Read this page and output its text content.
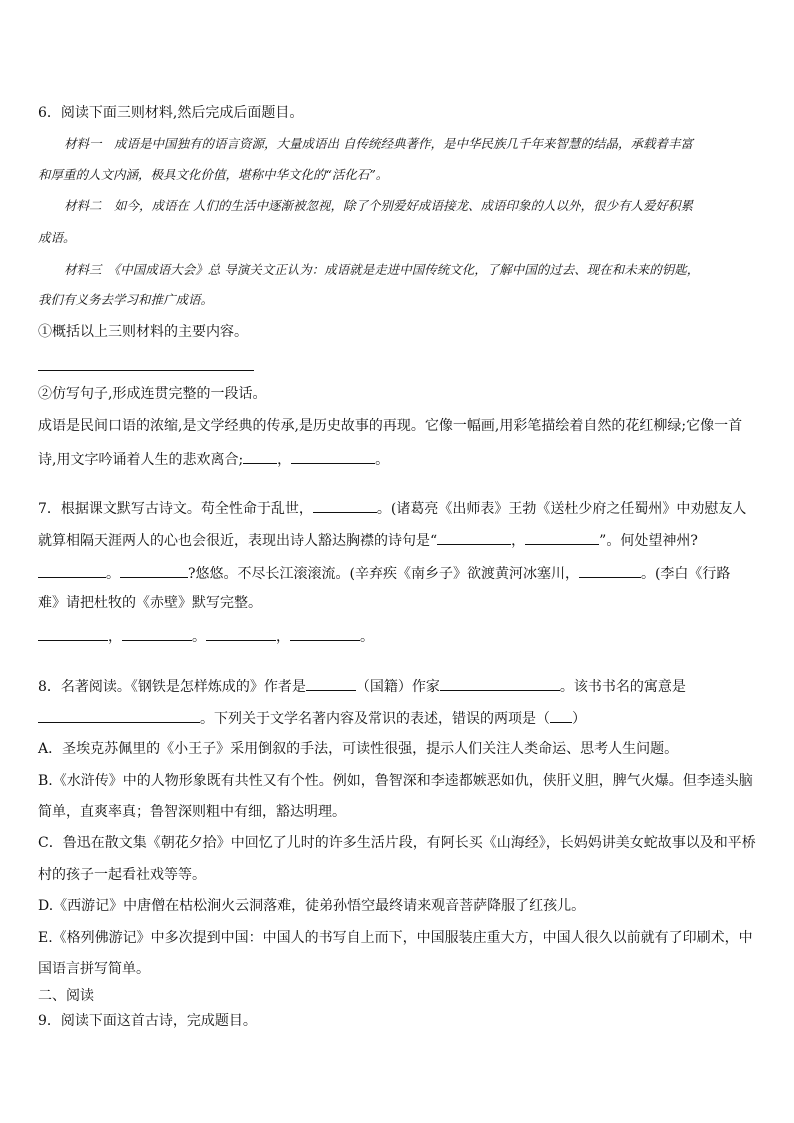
6．阅读下面三则材料,然后完成后面题目。
材料一　成语是中国独有的语言资源，大量成语出 自传统经典著作，是中华民族几千年来智慧的结晶，承载着丰富
和厚重的人文内涵，极具文化价值，堪称中华文化的“活化石”。
材料二　如今，成语在 人们的生活中逐渐被忽视，除了个别爱好成语接龙、成语印象的人以外，很少有人爱好积累
成语。
材料三　《中国成语大会》总 导演关文正认为：成语就是走进中国传统文化，了解中国的过去、现在和未来的钥匙，
我们有义务去学习和推广成语。
①概括以上三则材料的主要内容。
②仿写句子,形成连贯完整的一段话。
成语是民间口语的浓缩,是文学经典的传承,是历史故事的再现。它像一幅画,用彩笔描绘着自然的花红柳绿;它像一首
诗,用文字吟诵着人生的悲欢离合; ，	。
7．根据课文默写古诗文。苟全性命于乱世，	。(诸葛亮《出师表》王勃《送杜少府之任蜀州》中劝慰友人
就算相隔天涯两人的心也会很近，表现出诗人豁达胸襟的诗句是“	，	”。何处望神州?
。	?悠悠。不尽长江滚滚流。(辛弃疾《南乡子》欲渡黄河冰塞川，	。(李白《行路
难》请把杜牧的《赤壁》默写完整。
，	。	，	。
8．名著阅读。《钢铁是怎样炼成的》作者是	（国籍）作家	。该书书名的寓意是
。下列关于文学名著内容及常识的表述，错误的两项是（ ）
A．圣埃克苏佩里的《小王子》采用倒叙的手法，可读性很强，提示人们关注人类命运、思考人生问题。
B.《水浒传》中的人物形象既有共性又有个性。例如，鲁智深和李逵都嫉恶如仇，侠肝义胆，脾气火爆。但李逵头脑
简单，直爽率真；鲁智深则粗中有细，豁达明理。
C．鲁迅在散文集《朝花夕拾》中回忆了儿时的许多生活片段，有阿长买《山海经》，长妈妈讲美女蛇故事以及和平桥
村的孩子一起看社戏等等。
D.《西游记》中唐僧在枯松涧火云洞落难，徒弟孙悟空最终请来观音菩萨降服了红孩儿。
E.《格列佛游记》中多次提到中国：中国人的书写自上而下，中国服装庄重大方，中国人很久以前就有了印刷术，中
国语言拼写简单。
二、阅读
9．阅读下面这首古诗，完成题目。
